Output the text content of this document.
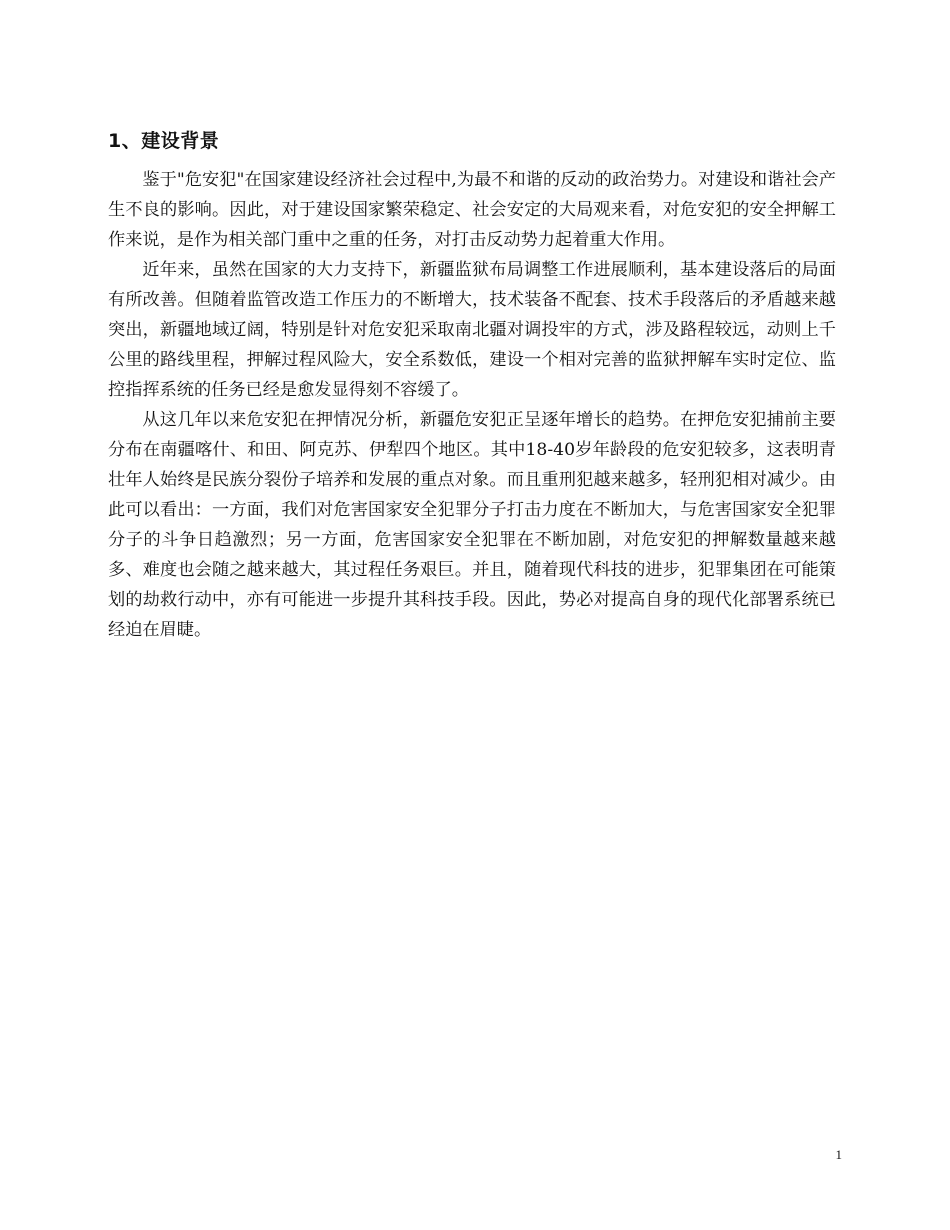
1、建设背景

鉴于"危安犯"在国家建设经济社会过程中,为最不和谐的反动的政治势力。对建设和谐社会产生不良的影响。因此，对于建设国家繁荣稳定、社会安定的大局观来看，对危安犯的安全押解工作来说，是作为相关部门重中之重的任务，对打击反动势力起着重大作用。

近年来，虽然在国家的大力支持下，新疆监狱布局调整工作进展顺利，基本建设落后的局面有所改善。但随着监管改造工作压力的不断增大，技术装备不配套、技术手段落后的矛盾越来越突出，新疆地域辽阔，特别是针对危安犯采取南北疆对调投牢的方式，涉及路程较远，动则上千公里的路线里程，押解过程风险大，安全系数低，建设一个相对完善的监狱押解车实时定位、监控指挥系统的任务已经是愈发显得刻不容缓了。

从这几年以来危安犯在押情况分析，新疆危安犯正呈逐年增长的趋势。在押危安犯捕前主要分布在南疆喀什、和田、阿克苏、伊犁四个地区。其中18-40岁年龄段的危安犯较多，这表明青壮年人始终是民族分裂份子培养和发展的重点对象。而且重刑犯越来越多，轻刑犯相对减少。由此可以看出：一方面，我们对危害国家安全犯罪分子打击力度在不断加大，与危害国家安全犯罪分子的斗争日趋激烈；另一方面，危害国家安全犯罪在不断加剧，对危安犯的押解数量越来越多、难度也会随之越来越大，其过程任务艰巨。并且，随着现代科技的进步，犯罪集团在可能策划的劫救行动中，亦有可能进一步提升其科技手段。因此，势必对提高自身的现代化部署系统已经迫在眉睫。

1
